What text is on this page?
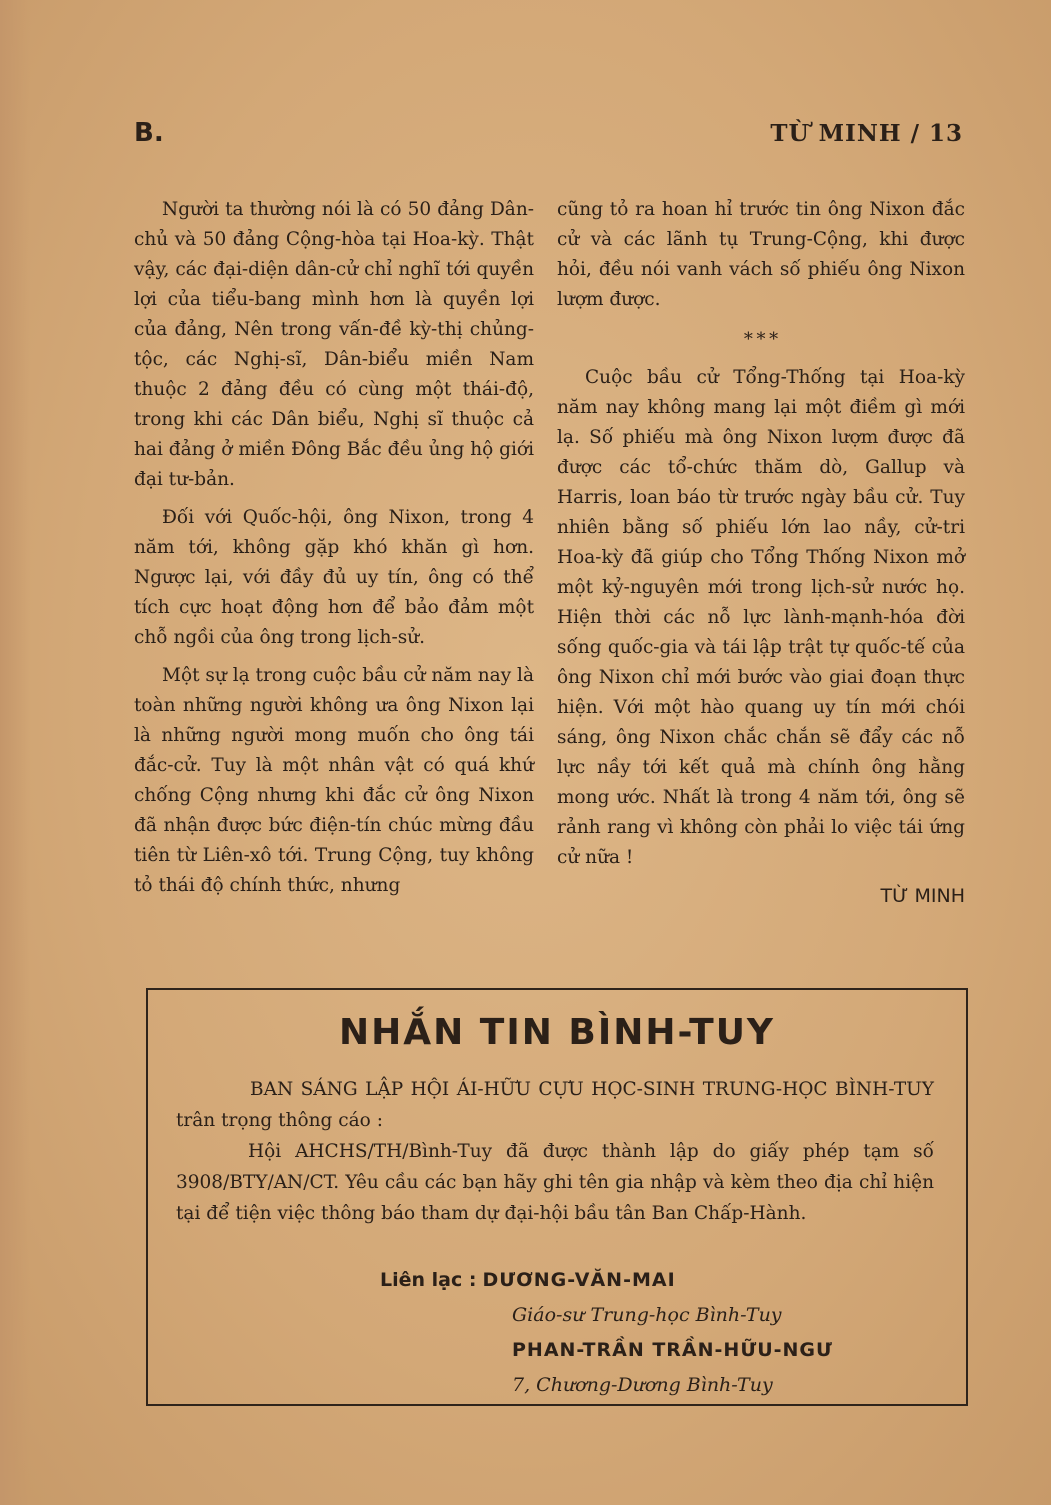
B.	TỪ MINH / 13

Người ta thường nói là có 50 đảng Dân-chủ và 50 đảng Cộng-hòa tại Hoa-kỳ. Thật vậy, các đại-diện dân-cử chỉ nghĩ tới quyền lợi của tiểu-bang mình hơn là quyền lợi của đảng, Nên trong vấn-đề kỳ-thị chủng-tộc, các Nghị-sĩ, Dân-biểu miền Nam thuộc 2 đảng đều có cùng một thái-độ, trong khi các Dân biểu, Nghị sĩ thuộc cả hai đảng ở miền Đông Bắc đều ủng hộ giới đại tư-bản.

Đối với Quốc-hội, ông Nixon, trong 4 năm tới, không gặp khó khăn gì hơn. Ngược lại, với đầy đủ uy tín, ông có thể tích cực hoạt động hơn để bảo đảm một chỗ ngồi của ông trong lịch-sử.

Một sự lạ trong cuộc bầu cử năm nay là toàn những người không ưa ông Nixon lại là những người mong muốn cho ông tái đắc-cử. Tuy là một nhân vật có quá khứ chống Cộng nhưng khi đắc cử ông Nixon đã nhận được bức điện-tín chúc mừng đầu tiên từ Liên-xô tới. Trung Cộng, tuy không tỏ thái độ chính thức, nhưng

cũng tỏ ra hoan hỉ trước tin ông Nixon đắc cử và các lãnh tụ Trung-Cộng, khi được hỏi, đều nói vanh vách số phiếu ông Nixon lượm được.

* * *

Cuộc bầu cử Tổng-Thống tại Hoa-kỳ năm nay không mang lại một điềm gì mới lạ. Số phiếu mà ông Nixon lượm được đã được các tổ-chức thăm dò, Gallup và Harris, loan báo từ trước ngày bầu cử. Tuy nhiên bằng số phiếu lớn lao nầy, cử-tri Hoa-kỳ đã giúp cho Tổng Thống Nixon mở một kỷ-nguyên mới trong lịch-sử nước họ. Hiện thời các nỗ lực lành-mạnh-hóa đời sống quốc-gia và tái lập trật tự quốc-tế của ông Nixon chỉ mới bước vào giai đoạn thực hiện. Với một hào quang uy tín mới chói sáng, ông Nixon chắc chắn sẽ đẩy các nỗ lực nầy tới kết quả mà chính ông hằng mong ước. Nhất là trong 4 năm tới, ông sẽ rảnh rang vì không còn phải lo việc tái ứng cử nữa !

TỪ MINH
NHẮN TIN BÌNH-TUY

BAN SÁNG LẬP HỘI ÁI-HỮU CỰU HỌC-SINH TRUNG-HỌC BÌNH-TUY trân trọng thông cáo :

Hội AHCHS/TH/Bình-Tuy đã được thành lập do giấy phép tạm số 3908/BTY/AN/CT. Yêu cầu các bạn hãy ghi tên gia nhập và kèm theo địa chỉ hiện tại để tiện việc thông báo tham dự đại-hội bầu tân Ban Chấp-Hành.

Liên lạc : DƯƠNG-VĂN-MAI
Giáo-sư Trung-học Bình-Tuy
PHAN-TRẦN TRẦN-HỮU-NGƯ
7, Chương-Dương Bình-Tuy
